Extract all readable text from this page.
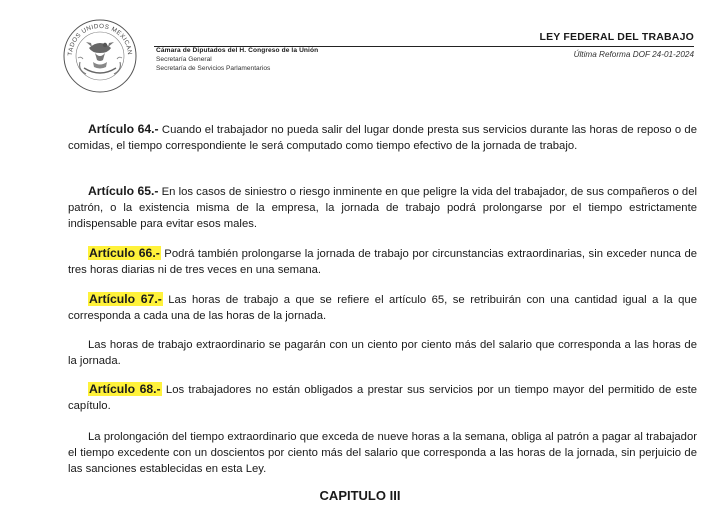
TADOS UNIDOS MEXICAN	Cámara de Diputados del H. Congreso de la Unión
Secretaría General
Secretaría de Servicios Parlamentarios
LEY FEDERAL DEL TRABAJO
Última Reforma DOF 24-01-2024

Artículo 64.- Cuando el trabajador no pueda salir del lugar donde presta sus servicios durante las horas de reposo o de comidas, el tiempo correspondiente le será computado como tiempo efectivo de la jornada de trabajo.

Artículo 65.- En los casos de siniestro o riesgo inminente en que peligre la vida del trabajador, de sus compañeros o del patrón, o la existencia misma de la empresa, la jornada de trabajo podrá prolongarse por el tiempo estrictamente indispensable para evitar esos males.

Artículo 66.- Podrá también prolongarse la jornada de trabajo por circunstancias extraordinarias, sin exceder nunca de tres horas diarias ni de tres veces en una semana.

Artículo 67.- Las horas de trabajo a que se refiere el artículo 65, se retribuirán con una cantidad igual a la que corresponda a cada una de las horas de la jornada.

Las horas de trabajo extraordinario se pagarán con un ciento por ciento más del salario que corresponda a las horas de la jornada.

Artículo 68.- Los trabajadores no están obligados a prestar sus servicios por un tiempo mayor del permitido de este capítulo.

La prolongación del tiempo extraordinario que exceda de nueve horas a la semana, obliga al patrón a pagar al trabajador el tiempo excedente con un doscientos por ciento más del salario que corresponda a las horas de la jornada, sin perjuicio de las sanciones establecidas en esta Ley.

CAPITULO III
